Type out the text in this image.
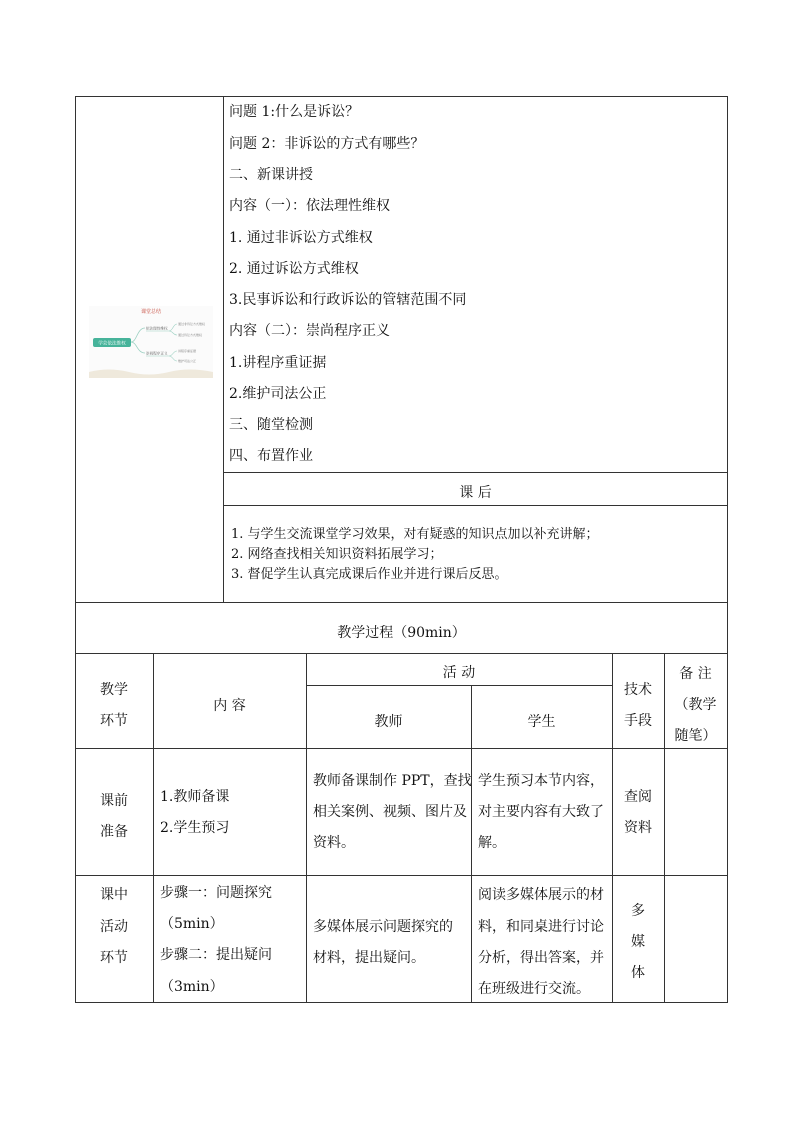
课堂总结
学会依法维权
依法理性维权
崇尚程序正义
通过非诉讼方式维权
通过诉讼方式维权
讲程序重证据
维护司法公正
问题 1:什么是诉讼？
问题 2：非诉讼的方式有哪些？
二、新课讲授
内容（一）：依法理性维权
1. 通过非诉讼方式维权
2. 通过诉讼方式维权
3.民事诉讼和行政诉讼的管辖范围不同
内容（二）：崇尚程序正义
1.讲程序重证据
2.维护司法公正
三、随堂检测
四、布置作业
课 后
1. 与学生交流课堂学习效果，对有疑惑的知识点加以补充讲解；
2. 网络查找相关知识资料拓展学习；
3. 督促学生认真完成课后作业并进行课后反思。
教学过程（90min）
教学
环节
内 容
活 动
教师	学生
技术
手段
备 注
（教学
随笔）
课前
准备
1.教师备课
2.学生预习
教师备课制作 PPT，查找
相关案例、视频、图片及
资料。
学生预习本节内容，
对主要内容有大致了
解。
查阅
资料
课中
活动
环节
步骤一：问题探究
（5min）
步骤二：提出疑问
（3min）
多媒体展示问题探究的
材料，提出疑问。
阅读多媒体展示的材
料，和同桌进行讨论
分析，得出答案，并
在班级进行交流。
多
媒
体
